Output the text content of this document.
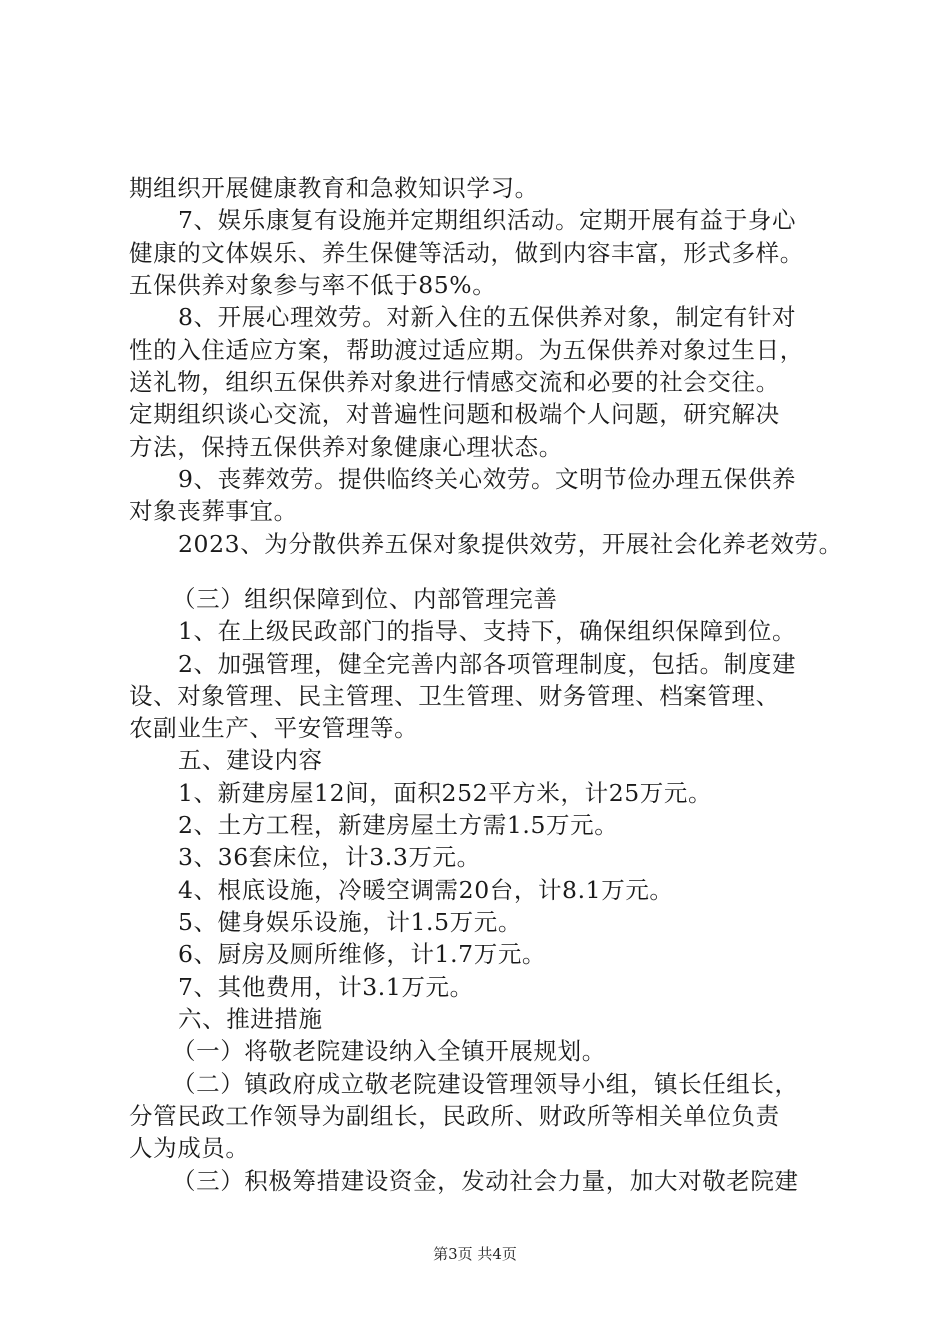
期组织开展健康教育和急救知识学习。

7、娱乐康复有设施并定期组织活动。定期开展有益于身心

健康的文体娱乐、养生保健等活动，做到内容丰富，形式多样。

五保供养对象参与率不低于85%。

8、开展心理效劳。对新入住的五保供养对象，制定有针对

性的入住适应方案，帮助渡过适应期。为五保供养对象过生日，

送礼物，组织五保供养对象进行情感交流和必要的社会交往。

定期组织谈心交流，对普遍性问题和极端个人问题，研究解决

方法，保持五保供养对象健康心理状态。

9、丧葬效劳。提供临终关心效劳。文明节俭办理五保供养

对象丧葬事宜。

2023、为分散供养五保对象提供效劳，开展社会化养老效劳。

（三）组织保障到位、内部管理完善

1、在上级民政部门的指导、支持下，确保组织保障到位。

2、加强管理，健全完善内部各项管理制度，包括。制度建

设、对象管理、民主管理、卫生管理、财务管理、档案管理、

农副业生产、平安管理等。

五、建设内容

1、新建房屋12间，面积252平方米，计25万元。

2、土方工程，新建房屋土方需1.5万元。

3、36套床位，计3.3万元。

4、根底设施，冷暖空调需20台，计8.1万元。

5、健身娱乐设施，计1.5万元。

6、厨房及厕所维修，计1.7万元。

7、其他费用，计3.1万元。

六、推进措施

（一）将敬老院建设纳入全镇开展规划。

（二）镇政府成立敬老院建设管理领导小组，镇长任组长，

分管民政工作领导为副组长，民政所、财政所等相关单位负责

人为成员。

（三）积极筹措建设资金，发动社会力量，加大对敬老院建

第3页 共4页
